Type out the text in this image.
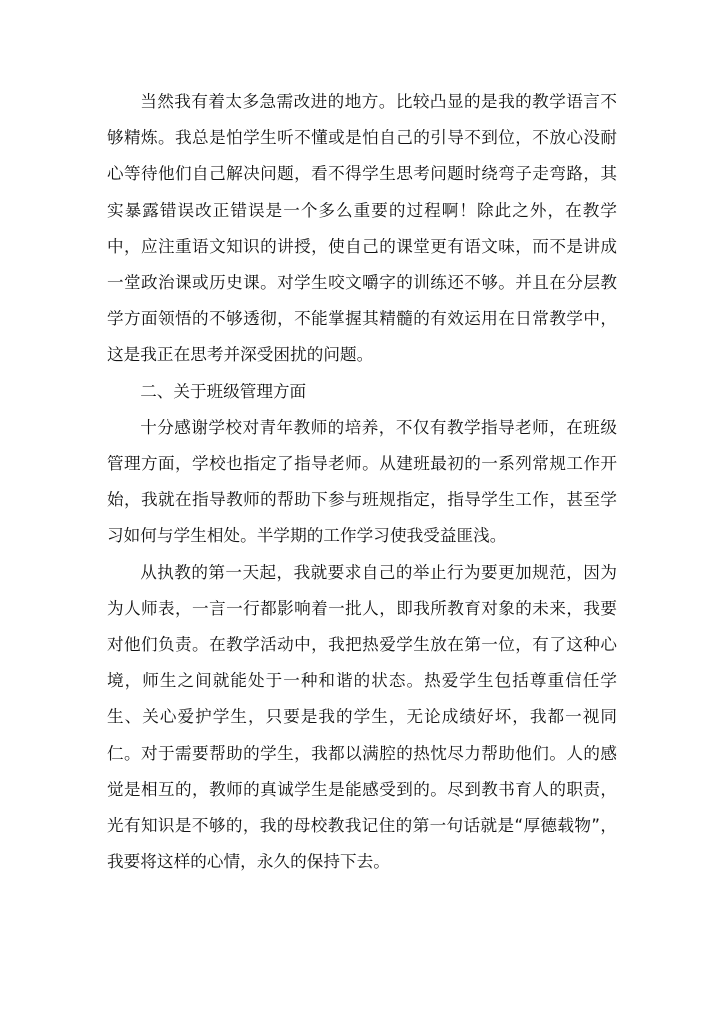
当然我有着太多急需改进的地方。比较凸显的是我的教学语言不够精炼。我总是怕学生听不懂或是怕自己的引导不到位，不放心没耐心等待他们自己解决问题，看不得学生思考问题时绕弯子走弯路，其实暴露错误改正错误是一个多么重要的过程啊！除此之外，在教学中，应注重语文知识的讲授，使自己的课堂更有语文味，而不是讲成一堂政治课或历史课。对学生咬文嚼字的训练还不够。并且在分层教学方面领悟的不够透彻，不能掌握其精髓的有效运用在日常教学中，这是我正在思考并深受困扰的问题。

二、关于班级管理方面

十分感谢学校对青年教师的培养，不仅有教学指导老师，在班级管理方面，学校也指定了指导老师。从建班最初的一系列常规工作开始，我就在指导教师的帮助下参与班规指定，指导学生工作，甚至学习如何与学生相处。半学期的工作学习使我受益匪浅。

从执教的第一天起，我就要求自己的举止行为要更加规范，因为为人师表，一言一行都影响着一批人，即我所教育对象的未来，我要对他们负责。在教学活动中，我把热爱学生放在第一位，有了这种心境，师生之间就能处于一种和谐的状态。热爱学生包括尊重信任学生、关心爱护学生，只要是我的学生，无论成绩好坏，我都一视同仁。对于需要帮助的学生，我都以满腔的热忱尽力帮助他们。人的感觉是相互的，教师的真诚学生是能感受到的。尽到教书育人的职责，光有知识是不够的，我的母校教我记住的第一句话就是“厚德载物”，我要将这样的心情，永久的保持下去。
